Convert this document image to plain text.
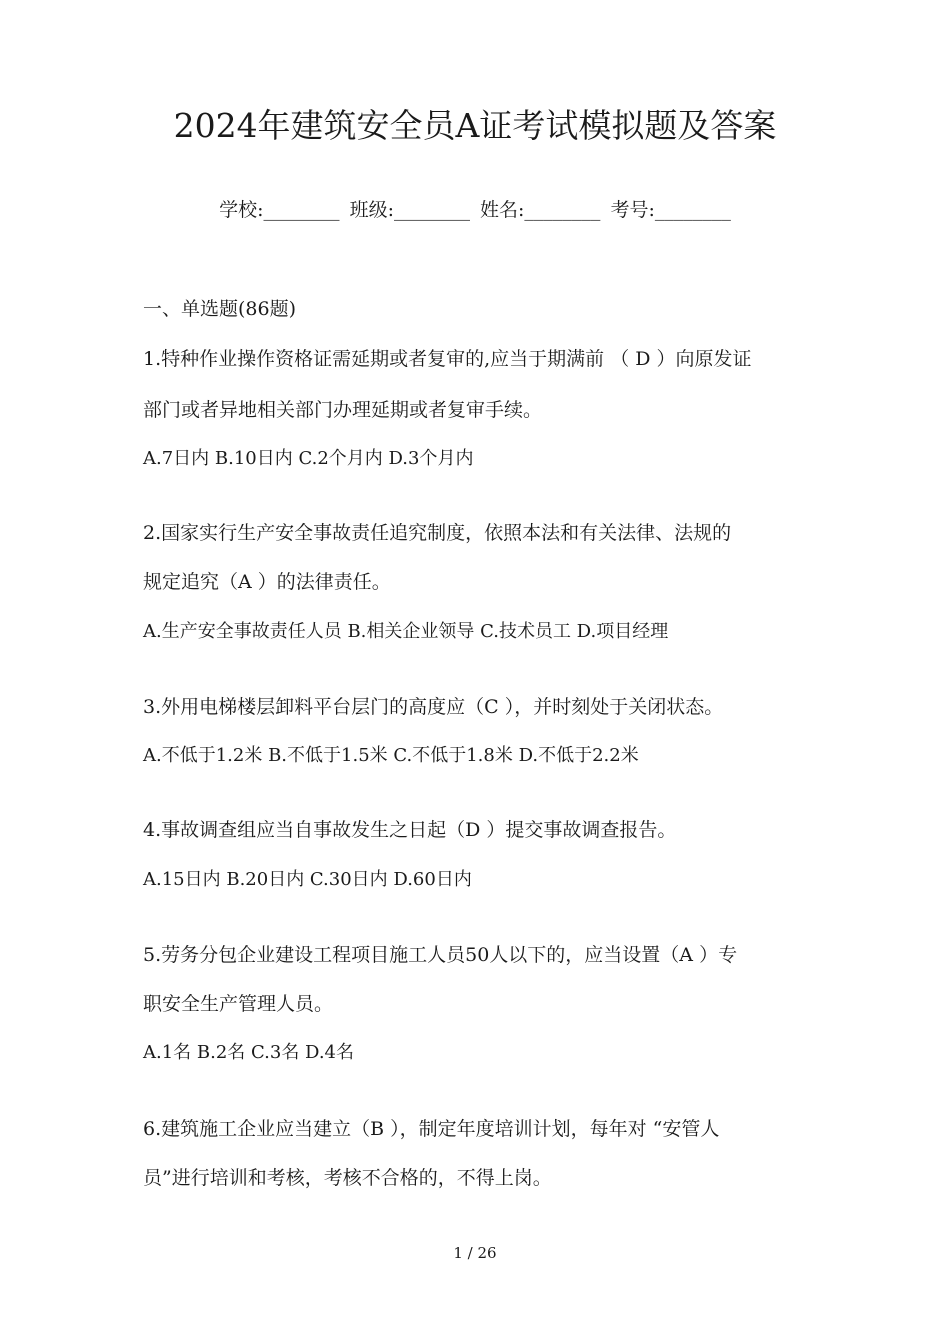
2024年建筑安全员A证考试模拟题及答案
学校:________ 班级:________ 姓名:________ 考号:________
一、单选题(86题)
1.特种作业操作资格证需延期或者复审的,应当于期满前 （ D ）向原发证
部门或者异地相关部门办理延期或者复审手续。
A.7日内 B.10日内 C.2个月内 D.3个月内
2.国家实行生产安全事故责任追究制度，依照本法和有关法律、法规的
规定追究（A ）的法律责任。
A.生产安全事故责任人员 B.相关企业领导 C.技术员工 D.项目经理
3.外用电梯楼层卸料平台层门的高度应（C ），并时刻处于关闭状态。
A.不低于1.2米 B.不低于1.5米 C.不低于1.8米 D.不低于2.2米
4.事故调查组应当自事故发生之日起（D ）提交事故调查报告。
A.15日内 B.20日内 C.30日内 D.60日内
5.劳务分包企业建设工程项目施工人员50人以下的，应当设置（A ）专
职安全生产管理人员。
A.1名 B.2名 C.3名 D.4名
6.建筑施工企业应当建立（B ），制定年度培训计划，每年对 “安管人
员”进行培训和考核，考核不合格的，不得上岗。
1 / 26
